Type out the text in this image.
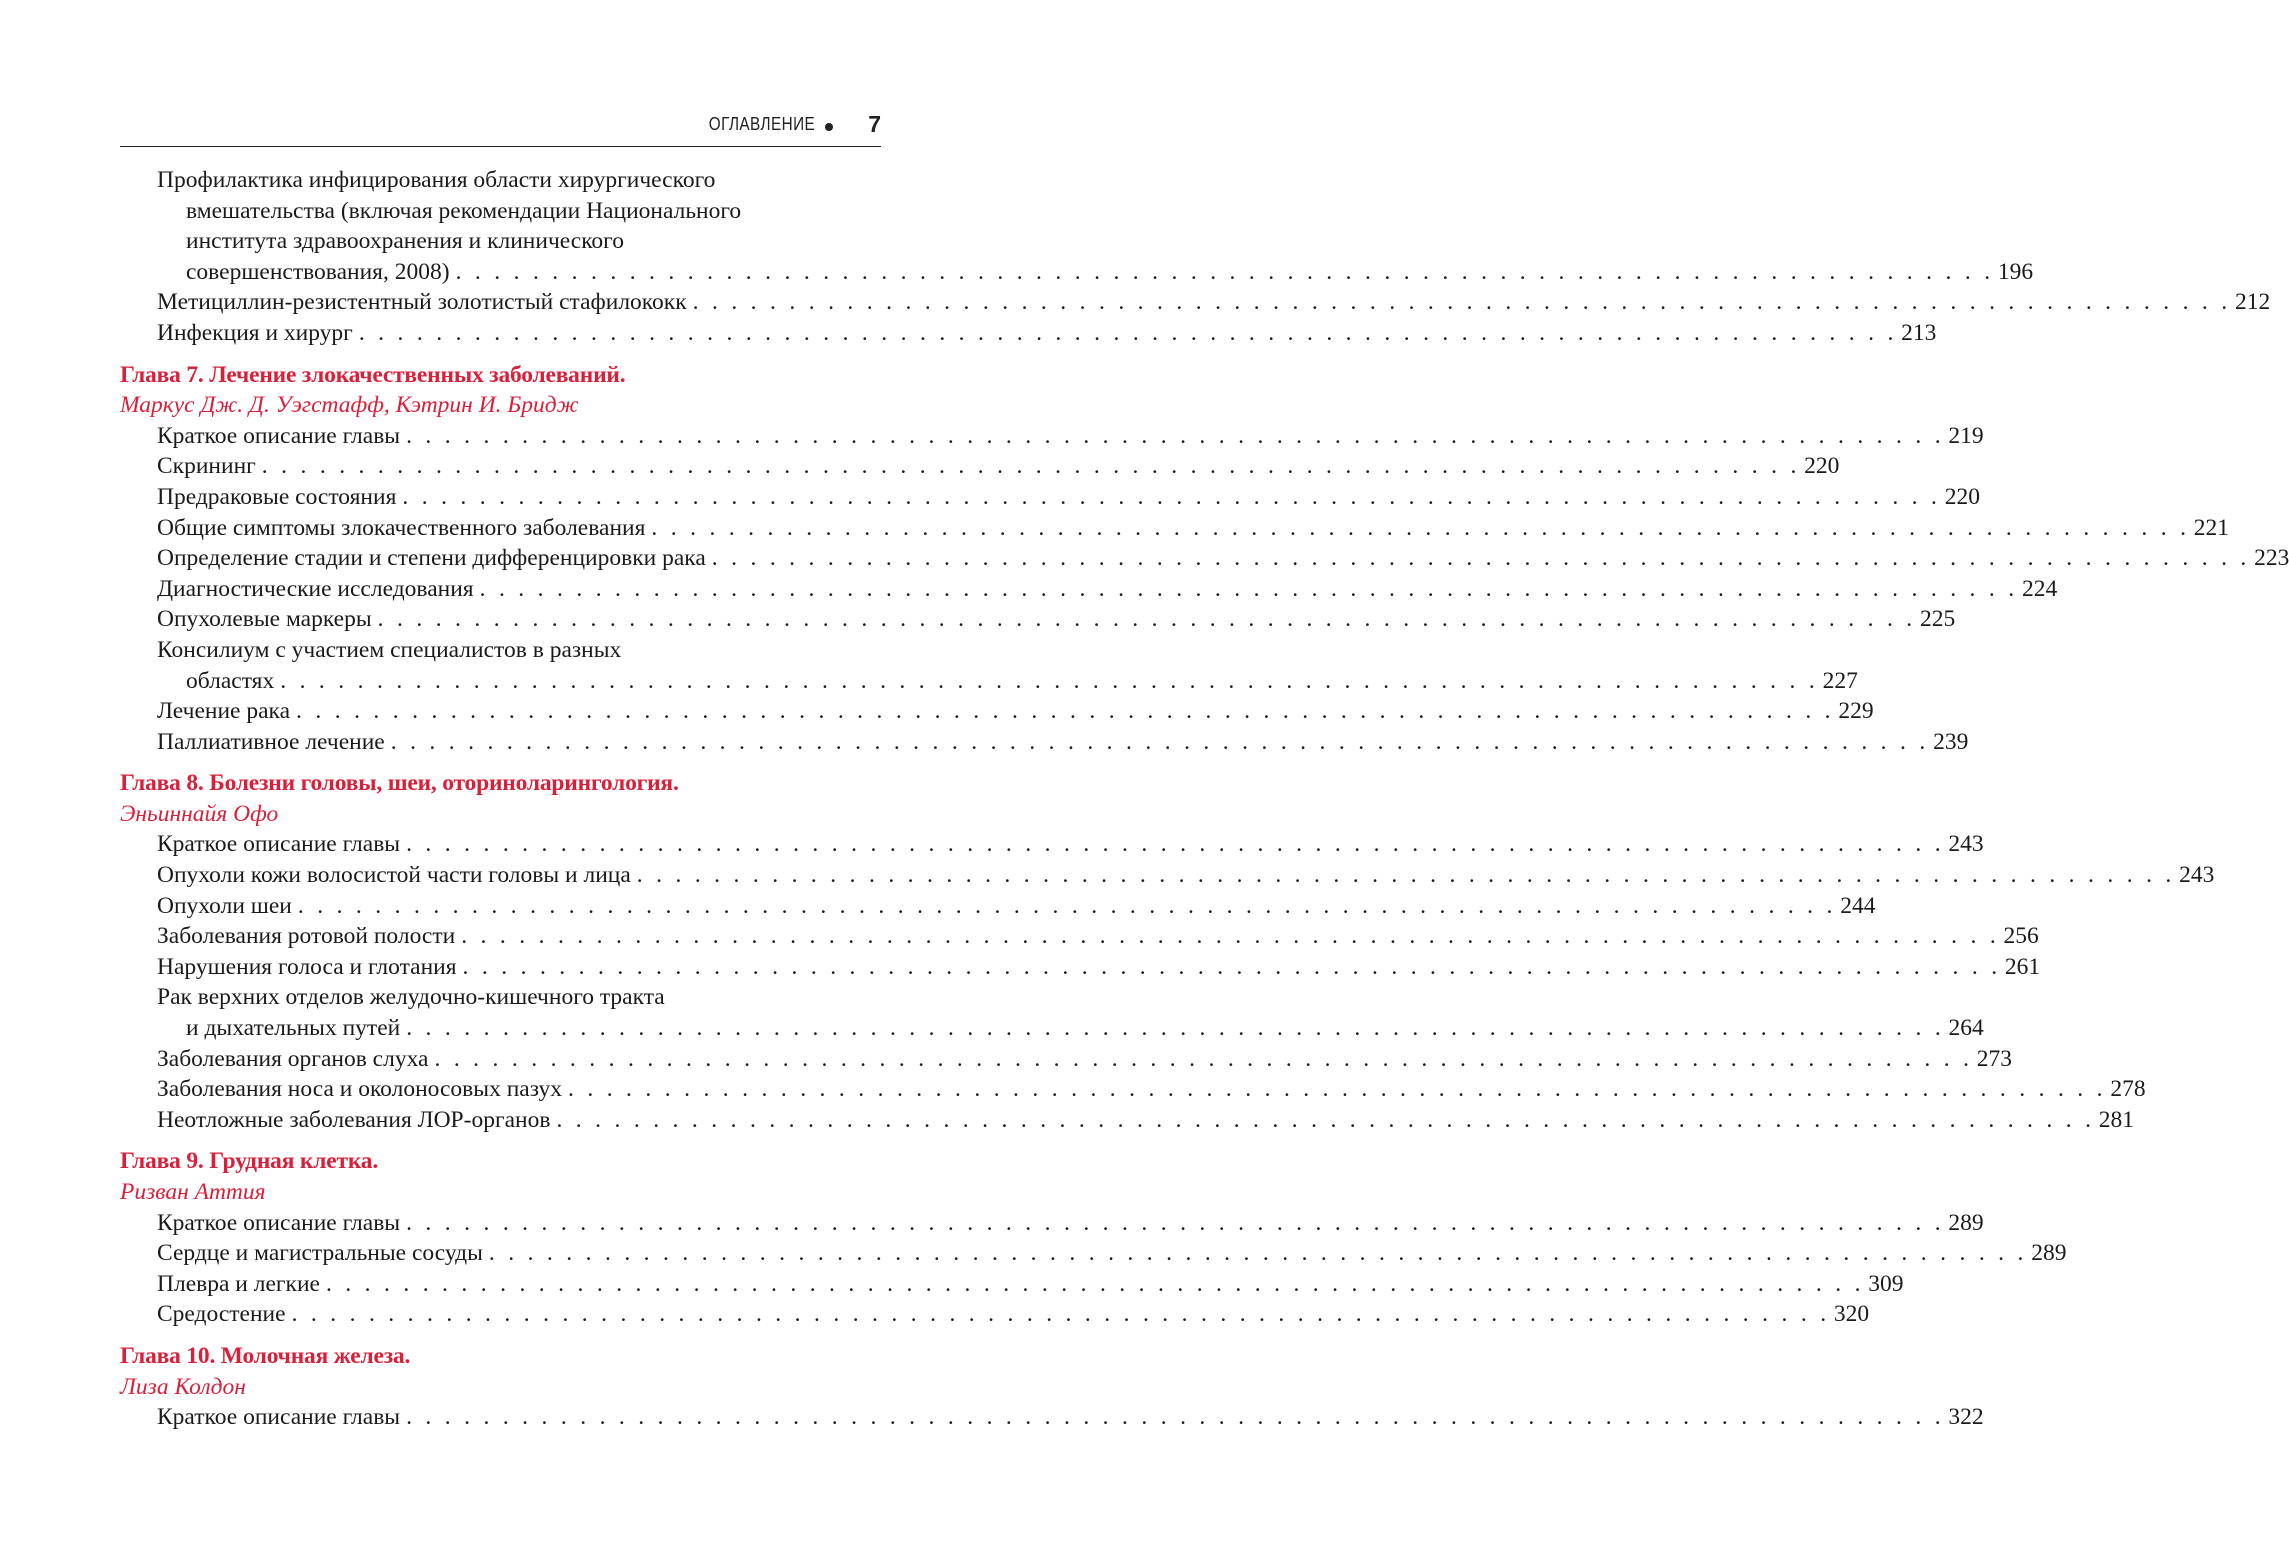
ОГЛАВЛЕНИЕ 7
Профилактика инфицирования области хирургического
вмешательства (включая рекомендации Национального
института здравоохранения и клинического
совершенствования, 2008) . . . . . . . . . . . . . . . . . . . . . . . . . . . . . . . . . . . . . . . . . . . . . . . . . . . . . . . . . . . . . . . . . . . . . . . . . . . . . . . . 196
Метициллин-резистентный золотистый стафилококк . . . . . . . . . . . . . . . . . . . . . . . . . . . . . . . . . . . . . . . . . . . . . . . . . . . . . . . . . . . . . . . . . . . . . . . . . . . . . . . . 212
Инфекция и хирург . . . . . . . . . . . . . . . . . . . . . . . . . . . . . . . . . . . . . . . . . . . . . . . . . . . . . . . . . . . . . . . . . . . . . . . . . . . . . . . . 213
Глава 7. Лечение злокачественных заболеваний.
Маркус Дж. Д. Уэгстафф, Кэтрин И. Бридж
Краткое описание главы . . . . . . . . . . . . . . . . . . . . . . . . . . . . . . . . . . . . . . . . . . . . . . . . . . . . . . . . . . . . . . . . . . . . . . . . . . . . . . . . 219
Скрининг . . . . . . . . . . . . . . . . . . . . . . . . . . . . . . . . . . . . . . . . . . . . . . . . . . . . . . . . . . . . . . . . . . . . . . . . . . . . . . . . 220
Предраковые состояния . . . . . . . . . . . . . . . . . . . . . . . . . . . . . . . . . . . . . . . . . . . . . . . . . . . . . . . . . . . . . . . . . . . . . . . . . . . . . . . . 220
Общие симптомы злокачественного заболевания . . . . . . . . . . . . . . . . . . . . . . . . . . . . . . . . . . . . . . . . . . . . . . . . . . . . . . . . . . . . . . . . . . . . . . . . . . . . . . . . 221
Определение стадии и степени дифференцировки рака . . . . . . . . . . . . . . . . . . . . . . . . . . . . . . . . . . . . . . . . . . . . . . . . . . . . . . . . . . . . . . . . . . . . . . . . . . . . . . . . 223
Диагностические исследования . . . . . . . . . . . . . . . . . . . . . . . . . . . . . . . . . . . . . . . . . . . . . . . . . . . . . . . . . . . . . . . . . . . . . . . . . . . . . . . . 224
Опухолевые маркеры . . . . . . . . . . . . . . . . . . . . . . . . . . . . . . . . . . . . . . . . . . . . . . . . . . . . . . . . . . . . . . . . . . . . . . . . . . . . . . . . 225
Консилиум с участием специалистов в разных
областях . . . . . . . . . . . . . . . . . . . . . . . . . . . . . . . . . . . . . . . . . . . . . . . . . . . . . . . . . . . . . . . . . . . . . . . . . . . . . . . . 227
Лечение рака . . . . . . . . . . . . . . . . . . . . . . . . . . . . . . . . . . . . . . . . . . . . . . . . . . . . . . . . . . . . . . . . . . . . . . . . . . . . . . . . 229
Паллиативное лечение . . . . . . . . . . . . . . . . . . . . . . . . . . . . . . . . . . . . . . . . . . . . . . . . . . . . . . . . . . . . . . . . . . . . . . . . . . . . . . . . 239
Глава 8. Болезни головы, шеи, оториноларингология.
Эньиннайя Офо
Краткое описание главы . . . . . . . . . . . . . . . . . . . . . . . . . . . . . . . . . . . . . . . . . . . . . . . . . . . . . . . . . . . . . . . . . . . . . . . . . . . . . . . . 243
Опухоли кожи волосистой части головы и лица . . . . . . . . . . . . . . . . . . . . . . . . . . . . . . . . . . . . . . . . . . . . . . . . . . . . . . . . . . . . . . . . . . . . . . . . . . . . . . . . 243
Опухоли шеи . . . . . . . . . . . . . . . . . . . . . . . . . . . . . . . . . . . . . . . . . . . . . . . . . . . . . . . . . . . . . . . . . . . . . . . . . . . . . . . . 244
Заболевания ротовой полости . . . . . . . . . . . . . . . . . . . . . . . . . . . . . . . . . . . . . . . . . . . . . . . . . . . . . . . . . . . . . . . . . . . . . . . . . . . . . . . . 256
Нарушения голоса и глотания . . . . . . . . . . . . . . . . . . . . . . . . . . . . . . . . . . . . . . . . . . . . . . . . . . . . . . . . . . . . . . . . . . . . . . . . . . . . . . . . 261
Рак верхних отделов желудочно-кишечного тракта
и дыхательных путей . . . . . . . . . . . . . . . . . . . . . . . . . . . . . . . . . . . . . . . . . . . . . . . . . . . . . . . . . . . . . . . . . . . . . . . . . . . . . . . . 264
Заболевания органов слуха . . . . . . . . . . . . . . . . . . . . . . . . . . . . . . . . . . . . . . . . . . . . . . . . . . . . . . . . . . . . . . . . . . . . . . . . . . . . . . . . 273
Заболевания носа и околоносовых пазух . . . . . . . . . . . . . . . . . . . . . . . . . . . . . . . . . . . . . . . . . . . . . . . . . . . . . . . . . . . . . . . . . . . . . . . . . . . . . . . . 278
Неотложные заболевания ЛОР-органов . . . . . . . . . . . . . . . . . . . . . . . . . . . . . . . . . . . . . . . . . . . . . . . . . . . . . . . . . . . . . . . . . . . . . . . . . . . . . . . . 281
Глава 9. Грудная клетка.
Ризван Аттия
Краткое описание главы . . . . . . . . . . . . . . . . . . . . . . . . . . . . . . . . . . . . . . . . . . . . . . . . . . . . . . . . . . . . . . . . . . . . . . . . . . . . . . . . 289
Сердце и магистральные сосуды . . . . . . . . . . . . . . . . . . . . . . . . . . . . . . . . . . . . . . . . . . . . . . . . . . . . . . . . . . . . . . . . . . . . . . . . . . . . . . . . 289
Плевра и легкие . . . . . . . . . . . . . . . . . . . . . . . . . . . . . . . . . . . . . . . . . . . . . . . . . . . . . . . . . . . . . . . . . . . . . . . . . . . . . . . . 309
Средостение . . . . . . . . . . . . . . . . . . . . . . . . . . . . . . . . . . . . . . . . . . . . . . . . . . . . . . . . . . . . . . . . . . . . . . . . . . . . . . . . 320
Глава 10. Молочная железа.
Лиза Колдон
Краткое описание главы . . . . . . . . . . . . . . . . . . . . . . . . . . . . . . . . . . . . . . . . . . . . . . . . . . . . . . . . . . . . . . . . . . . . . . . . . . . . . . . . 322
